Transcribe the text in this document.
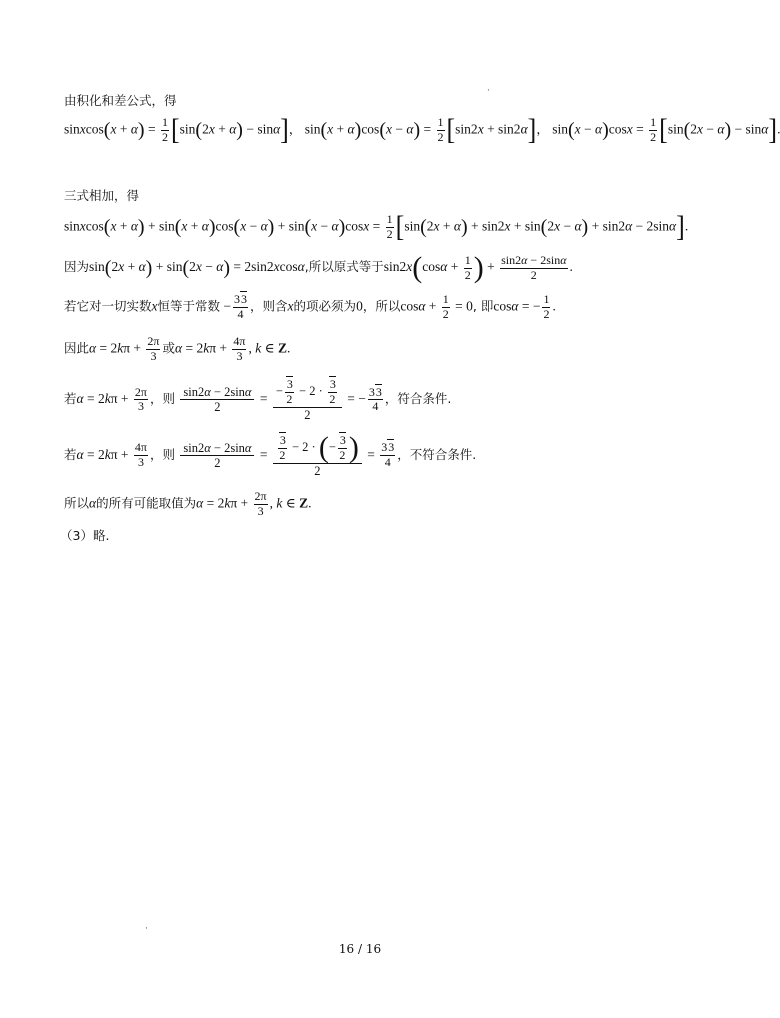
·
由积化和差公式，得
sinxcos(x + $\alpha) = \frac{1}{2} [\sin(2x + \alpha) - \sin\alpha]$， $\sin(x + \alpha)\cos(x - \alpha) = \frac{1}{2} [\sin 2x + \sin 2\alpha]$， $\sin(x - \alpha)\cos x = \frac{1}{2} [\sin(2x - \alpha) - \sin\alpha]$
三式相加，得
sinxcos(x + $\alpha) + \sin(x + \alpha)\cos(x - \alpha) + \sin(x - \alpha)\cos x = \frac{1}{2} [\sin(2x + \alpha) + \sin 2x + \sin(2x - \alpha) + \sin 2\alpha - 2\sin\alpha]$.
因为sin(2x + α) + sin(2x − α) = 2sin2xcosα,所以原式等于$\sin 2x(\cos\alpha + \frac{1}{2}$ ) + $\frac{\sin 2\alpha - 2\sin\alpha}{2}$ .
若它对一切实数x恒等于常数 − $\frac{33}{4}$ ，则含x的项必须为0，所以$\cos\alpha + \frac{1}{2} = 0$, 即cosα = − $\frac{1}{2}$ .
因此$\alpha = 2k\pi + \frac{2\pi}{3}$ 或$\alpha = 2k\pi + \frac{4\pi}{3}$ , k ∈ Z.
若$\alpha = 2k\pi + \frac{2\pi}{3}$ ，则 $\frac{\sin 2\alpha - 2\sin\alpha}{2} = \frac{- \frac{3}{2} - 2 \cdot \frac{3}{2}}{2}$ = − $\frac{33}{4}$ ，符合条件.
若$\alpha = 2k\pi + \frac{4\pi}{3}$ ，则 $\frac{\sin 2\alpha - 2\sin\alpha}{2} = \frac{\frac{3}{2} - 2 \cdot (- \frac{3}{2} )}{2} = \frac{33}{4}$ ，不符合条件.
所以α的所有可能取值为$\alpha = 2k\pi + \frac{2\pi}{3}$ , k ∈ Z.
（3）略.
·
16 / 16
